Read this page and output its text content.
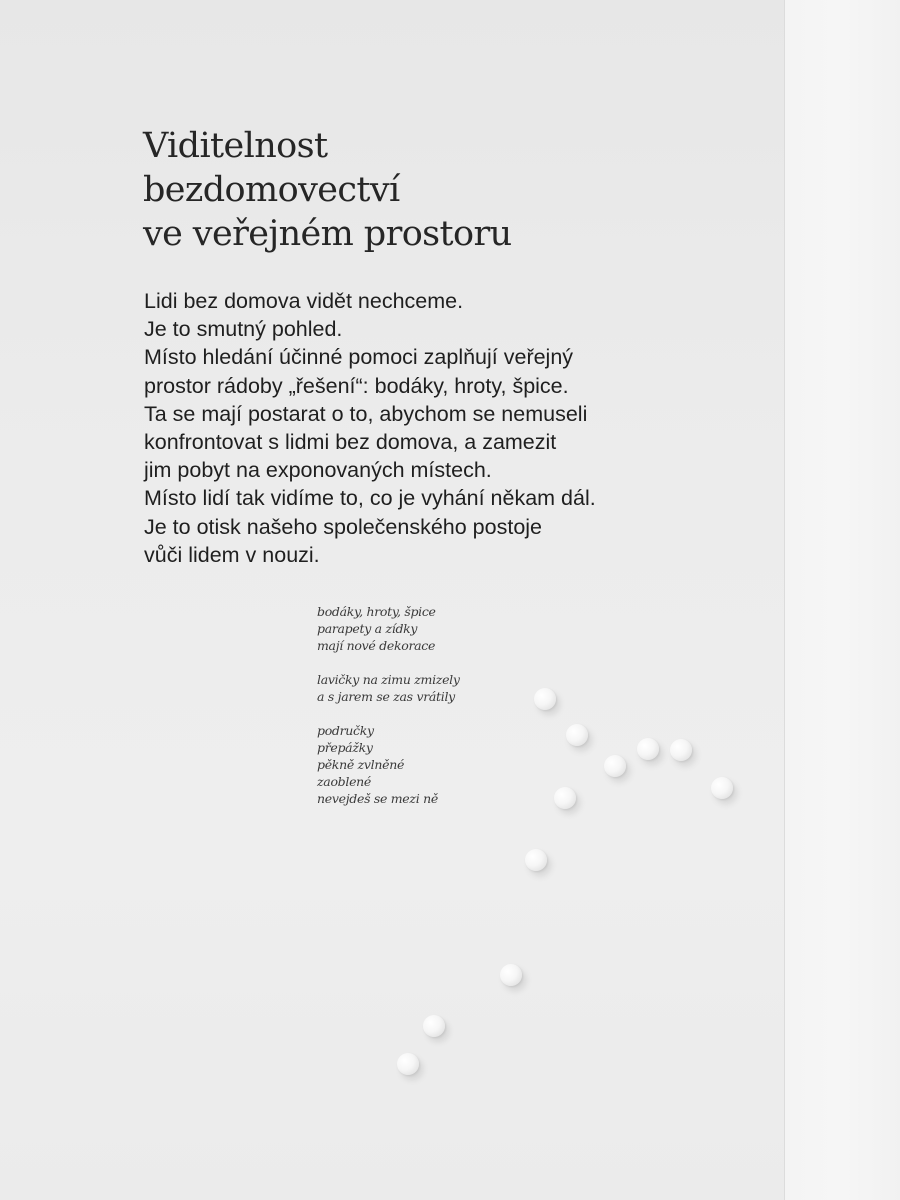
Viditelnost
bezdomovectví
ve veřejném prostoru

Lidi bez domova vidět nechceme.
Je to smutný pohled.
Místo hledání účinné pomoci zaplňují veřejný
prostor rádoby „řešení“: bodáky, hroty, špice.
Ta se mají postarat o to, abychom se nemuseli
konfrontovat s lidmi bez domova, a zamezit
jim pobyt na exponovaných místech.
Místo lidí tak vidíme to, co je vyhání někam dál.
Je to otisk našeho společenského postoje
vůči lidem v nouzi.

bodáky, hroty, špice
parapety a zídky
mají nové dekorace

lavičky na zimu zmizely
a s jarem se zas vrátily

područky
přepážky
pěkně zvlněné
zaoblené
nevejdeš se mezi ně
